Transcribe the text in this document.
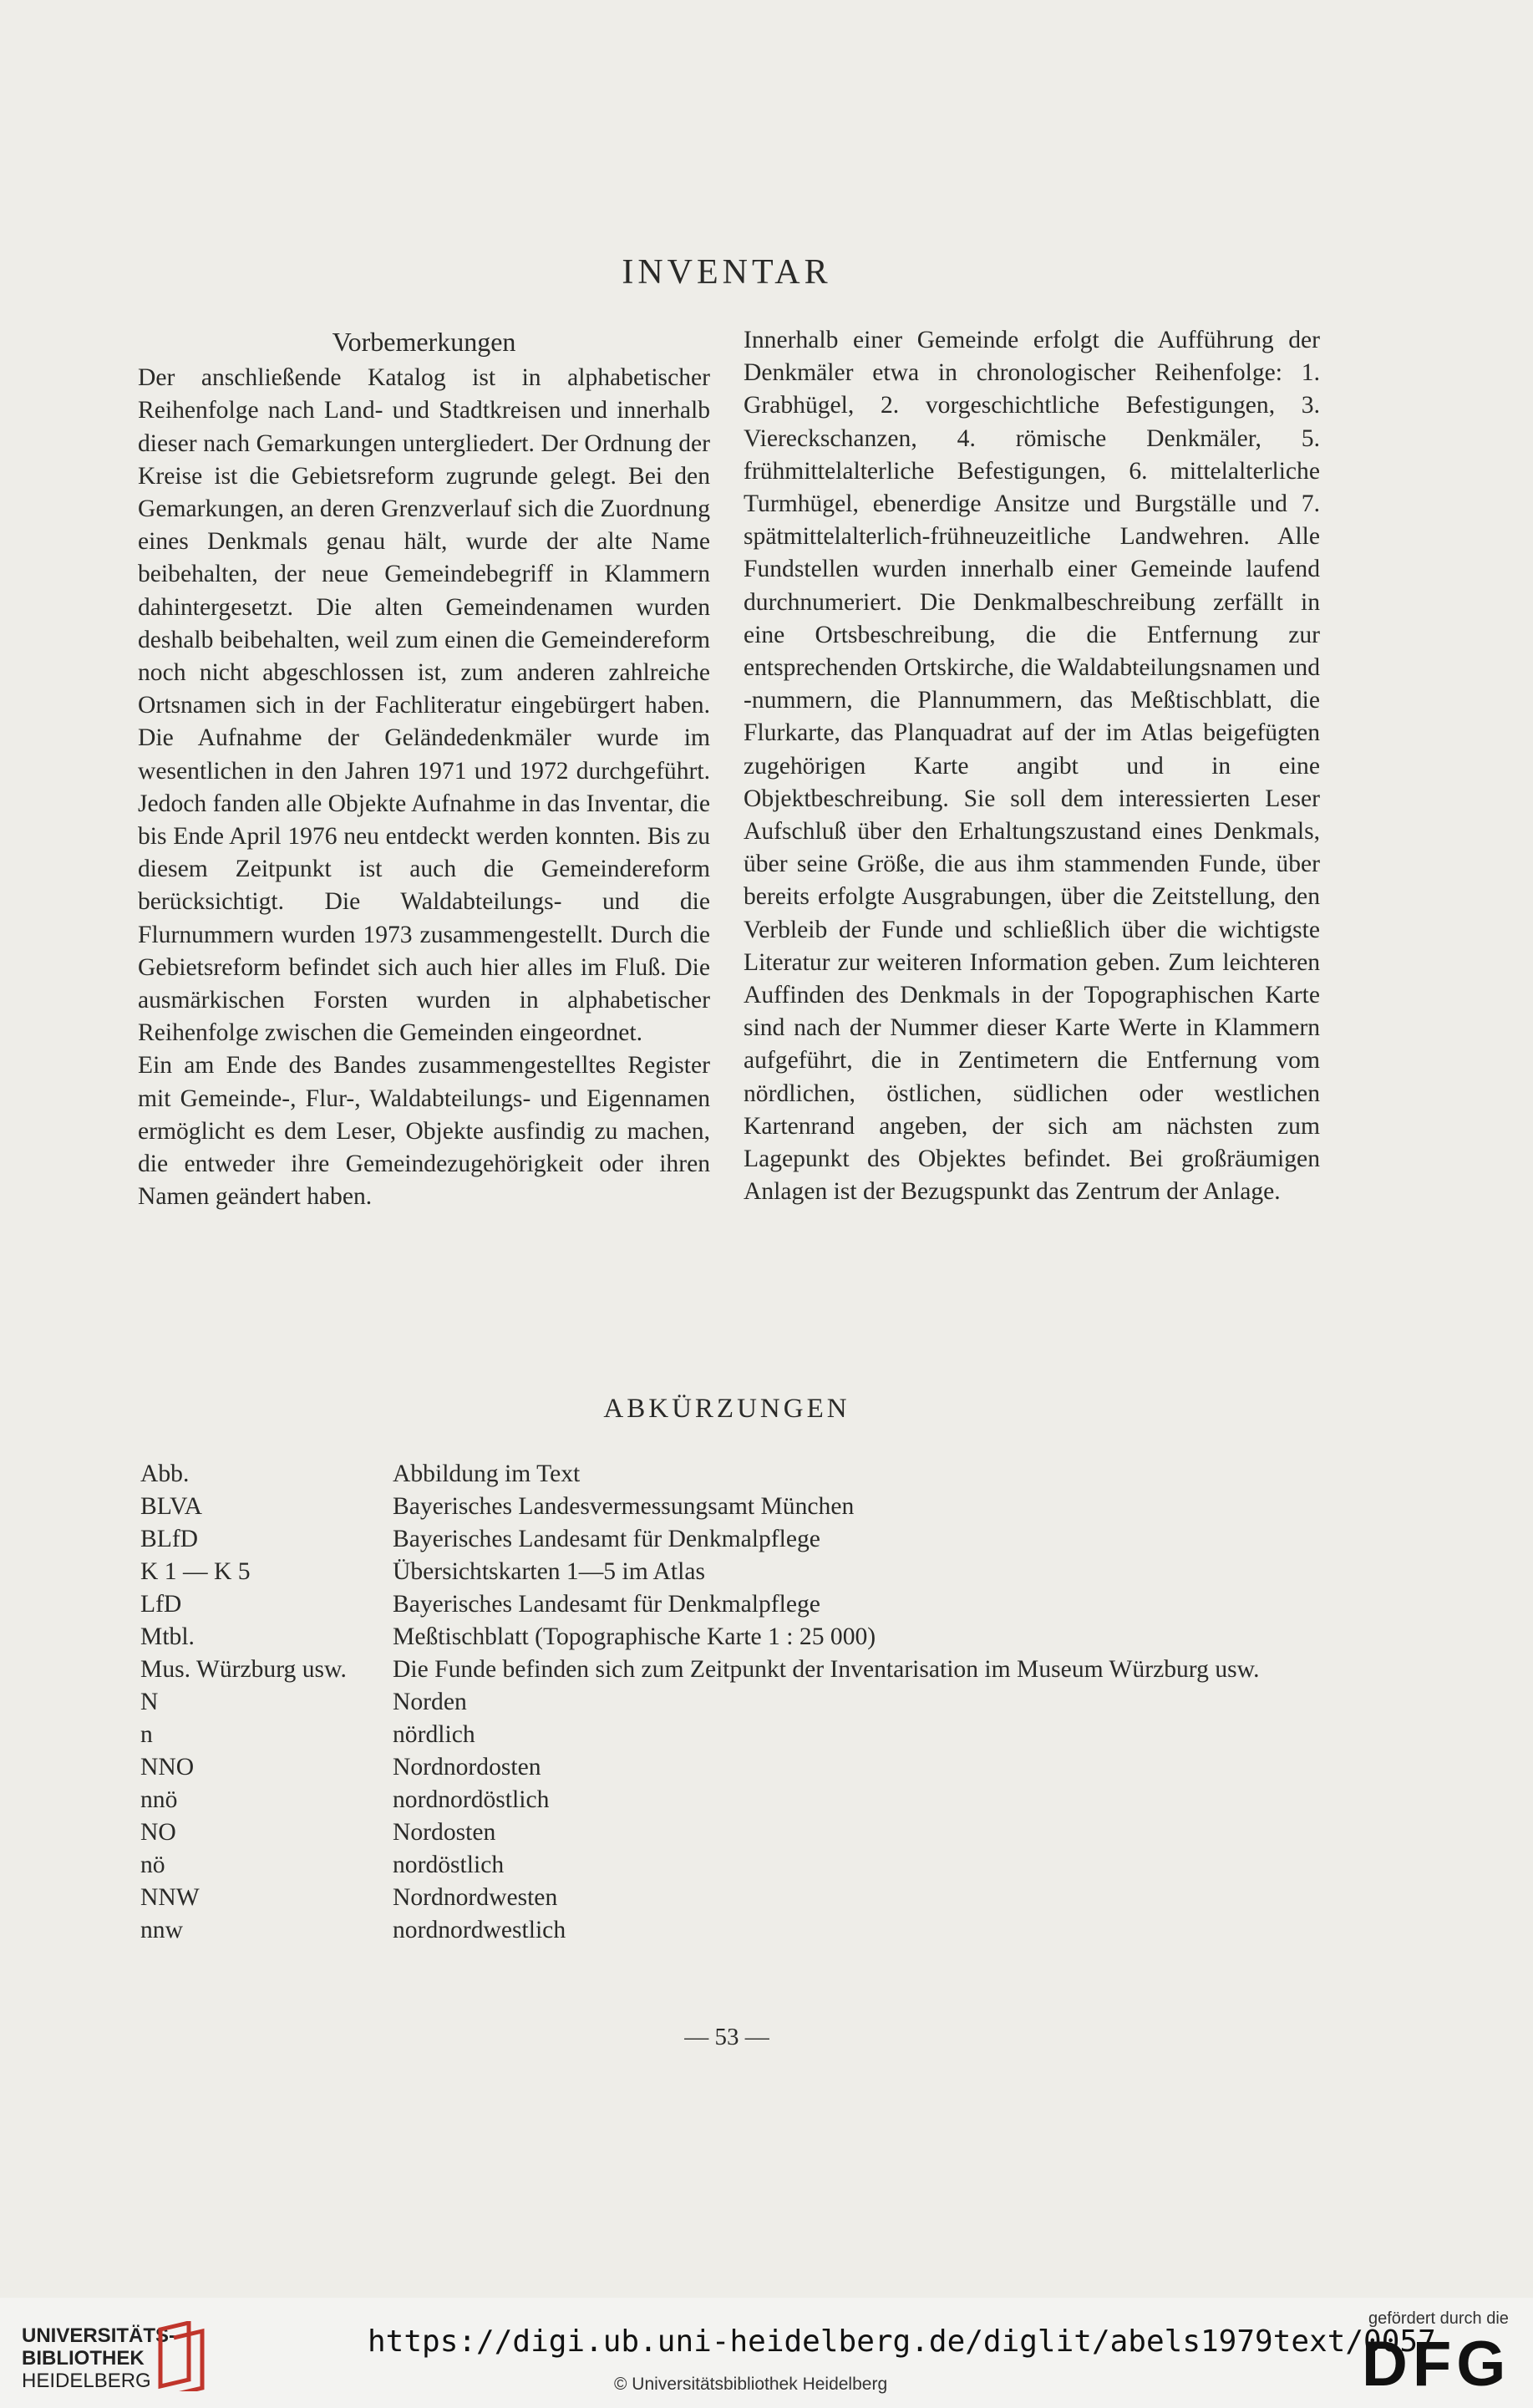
INVENTAR
Vorbemerkungen

Der anschließende Katalog ist in alphabetischer Reihenfolge nach Land- und Stadtkreisen und innerhalb dieser nach Gemarkungen untergliedert. Der Ordnung der Kreise ist die Gebietsreform zugrunde gelegt. Bei den Gemarkungen, an deren Grenzverlauf sich die Zuordnung eines Denkmals genau hält, wurde der alte Name beibehalten, der neue Gemeindebegriff in Klammern dahintergesetzt. Die alten Gemeindenamen wurden deshalb beibehalten, weil zum einen die Gemeindereform noch nicht abgeschlossen ist, zum anderen zahlreiche Ortsnamen sich in der Fachliteratur eingebürgert haben. Die Aufnahme der Geländedenkmäler wurde im wesentlichen in den Jahren 1971 und 1972 durchgeführt. Jedoch fanden alle Objekte Aufnahme in das Inventar, die bis Ende April 1976 neu entdeckt werden konnten. Bis zu diesem Zeitpunkt ist auch die Gemeindereform berücksichtigt. Die Waldabteilungs- und die Flurnummern wurden 1973 zusammengestellt. Durch die Gebietsreform befindet sich auch hier alles im Fluß. Die ausmärkischen Forsten wurden in alphabetischer Reihenfolge zwischen die Gemeinden eingeordnet.

Ein am Ende des Bandes zusammengestelltes Register mit Gemeinde-, Flur-, Waldabteilungs- und Eigennamen ermöglicht es dem Leser, Objekte ausfindig zu machen, die entweder ihre Gemeindezugehörigkeit oder ihren Namen geändert haben.

Innerhalb einer Gemeinde erfolgt die Aufführung der Denkmäler etwa in chronologischer Reihenfolge: 1. Grabhügel, 2. vorgeschichtliche Befestigungen, 3. Viereckschanzen, 4. römische Denkmäler, 5. frühmittelalterliche Befestigungen, 6. mittelalterliche Turmhügel, ebenerdige Ansitze und Burgställe und 7. spätmittelalterlich-frühneuzeitliche Landwehren. Alle Fundstellen wurden innerhalb einer Gemeinde laufend durchnumeriert. Die Denkmalbeschreibung zerfällt in eine Ortsbeschreibung, die die Entfernung zur entsprechenden Ortskirche, die Waldabteilungsnamen und -nummern, die Plannummern, das Meßtischblatt, die Flurkarte, das Planquadrat auf der im Atlas beigefügten zugehörigen Karte angibt und in eine Objektbeschreibung. Sie soll dem interessierten Leser Aufschluß über den Erhaltungszustand eines Denkmals, über seine Größe, die aus ihm stammenden Funde, über bereits erfolgte Ausgrabungen, über die Zeitstellung, den Verbleib der Funde und schließlich über die wichtigste Literatur zur weiteren Information geben. Zum leichteren Auffinden des Denkmals in der Topographischen Karte sind nach der Nummer dieser Karte Werte in Klammern aufgeführt, die in Zentimetern die Entfernung vom nördlichen, östlichen, südlichen oder westlichen Kartenrand angeben, der sich am nächsten zum Lagepunkt des Objektes befindet. Bei großräumigen Anlagen ist der Bezugspunkt das Zentrum der Anlage.

ABKÜRZUNGEN
Abb.	Abbildung im Text
BLVA	Bayerisches Landesvermessungsamt München
BLfD	Bayerisches Landesamt für Denkmalpflege
K 1 — K 5	Übersichtskarten 1—5 im Atlas
LfD	Bayerisches Landesamt für Denkmalpflege
Mtbl.	Meßtischblatt (Topographische Karte 1 : 25 000)
Mus. Würzburg usw.	Die Funde befinden sich zum Zeitpunkt der Inventarisation im Museum Würzburg usw.
N	Norden
n	nördlich
NNO	Nordnordosten
nnö	nordnordöstlich
NO	Nordosten
nö	nordöstlich
NNW	Nordnordwesten
nnw	nordnordwestlich
— 53 —
UNIVERSITÄTS-
BIBLIOTHEK
HEIDELBERG
https://digi.ub.uni-heidelberg.de/diglit/abels1979text/0057
© Universitätsbibliothek Heidelberg
gefördert durch die
DFG
